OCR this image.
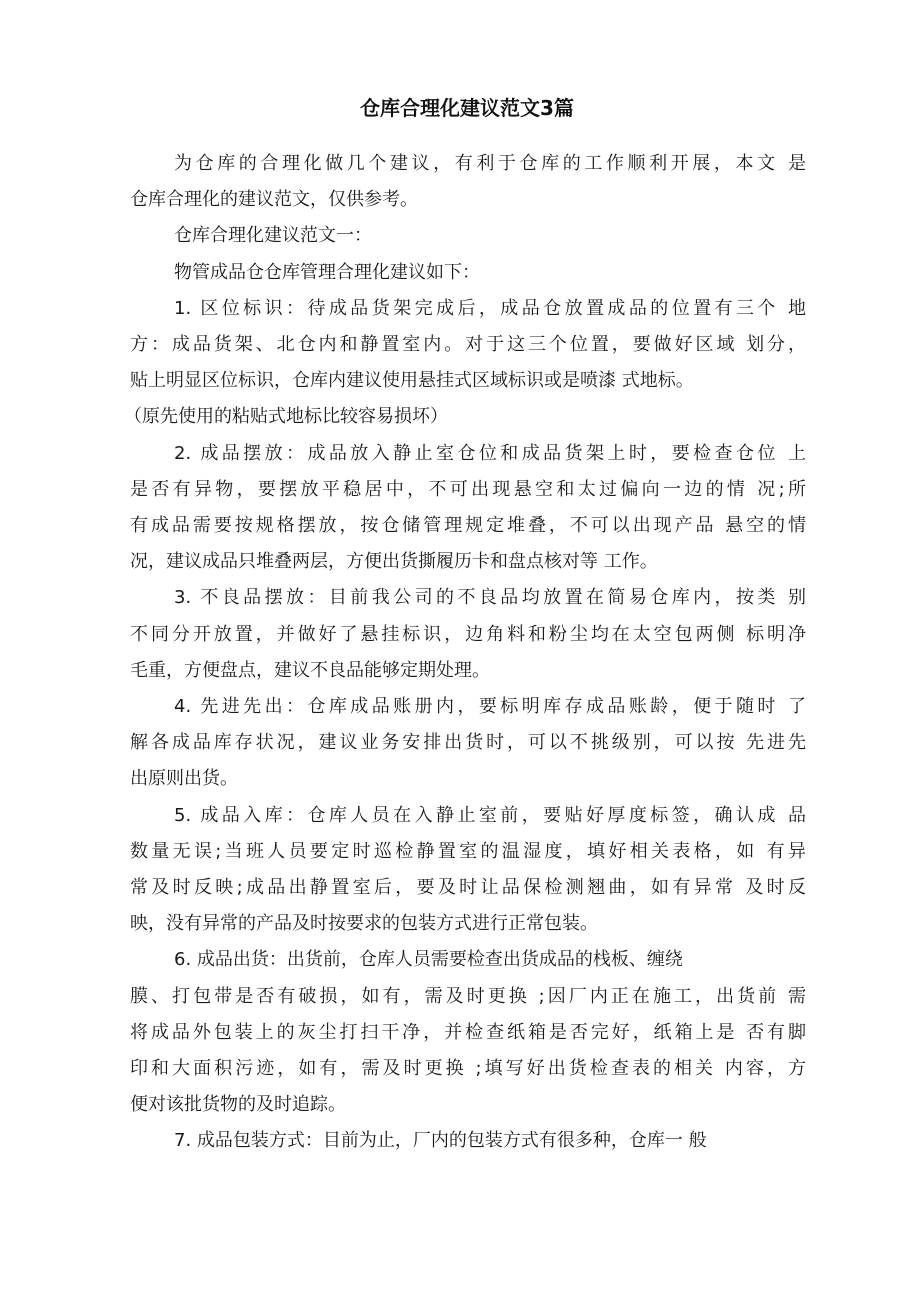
仓库合理化建议范文3篇

为仓库的合理化做几个建议，有利于仓库的工作顺利开展，本文 是
仓库合理化的建议范文，仅供参考。

仓库合理化建议范文一：

物管成品仓仓库管理合理化建议如下：

1. 区位标识：待成品货架完成后，成品仓放置成品的位置有三个 地
方：成品货架、北仓内和静置室内。对于这三个位置，要做好区域 划分，
贴上明显区位标识，仓库内建议使用悬挂式区域标识或是喷漆 式地标。
（原先使用的粘贴式地标比较容易损坏）

2. 成品摆放：成品放入静止室仓位和成品货架上时，要检查仓位 上
是否有异物，要摆放平稳居中，不可出现悬空和太过偏向一边的情 况;所
有成品需要按规格摆放，按仓储管理规定堆叠，不可以出现产品 悬空的情
况，建议成品只堆叠两层，方便出货撕履历卡和盘点核对等 工作。

3. 不良品摆放：目前我公司的不良品均放置在简易仓库内，按类 别
不同分开放置，并做好了悬挂标识，边角料和粉尘均在太空包两侧 标明净
毛重，方便盘点，建议不良品能够定期处理。

4. 先进先出：仓库成品账册内，要标明库存成品账龄，便于随时 了
解各成品库存状况，建议业务安排出货时，可以不挑级别，可以按 先进先
出原则出货。

5. 成品入库：仓库人员在入静止室前，要贴好厚度标签，确认成 品
数量无误;当班人员要定时巡检静置室的温湿度，填好相关表格，如 有异
常及时反映;成品出静置室后，要及时让品保检测翘曲，如有异常 及时反
映，没有异常的产品及时按要求的包装方式进行正常包装。

6. 成品出货：出货前，仓库人员需要检查出货成品的栈板、缠绕
膜、打包带是否有破损，如有，需及时更换 ;因厂内正在施工，出货前 需
将成品外包装上的灰尘打扫干净，并检查纸箱是否完好，纸箱上是 否有脚
印和大面积污迹，如有，需及时更换 ;填写好出货检查表的相关 内容，方
便对该批货物的及时追踪。

7. 成品包装方式：目前为止，厂内的包装方式有很多种，仓库一 般
